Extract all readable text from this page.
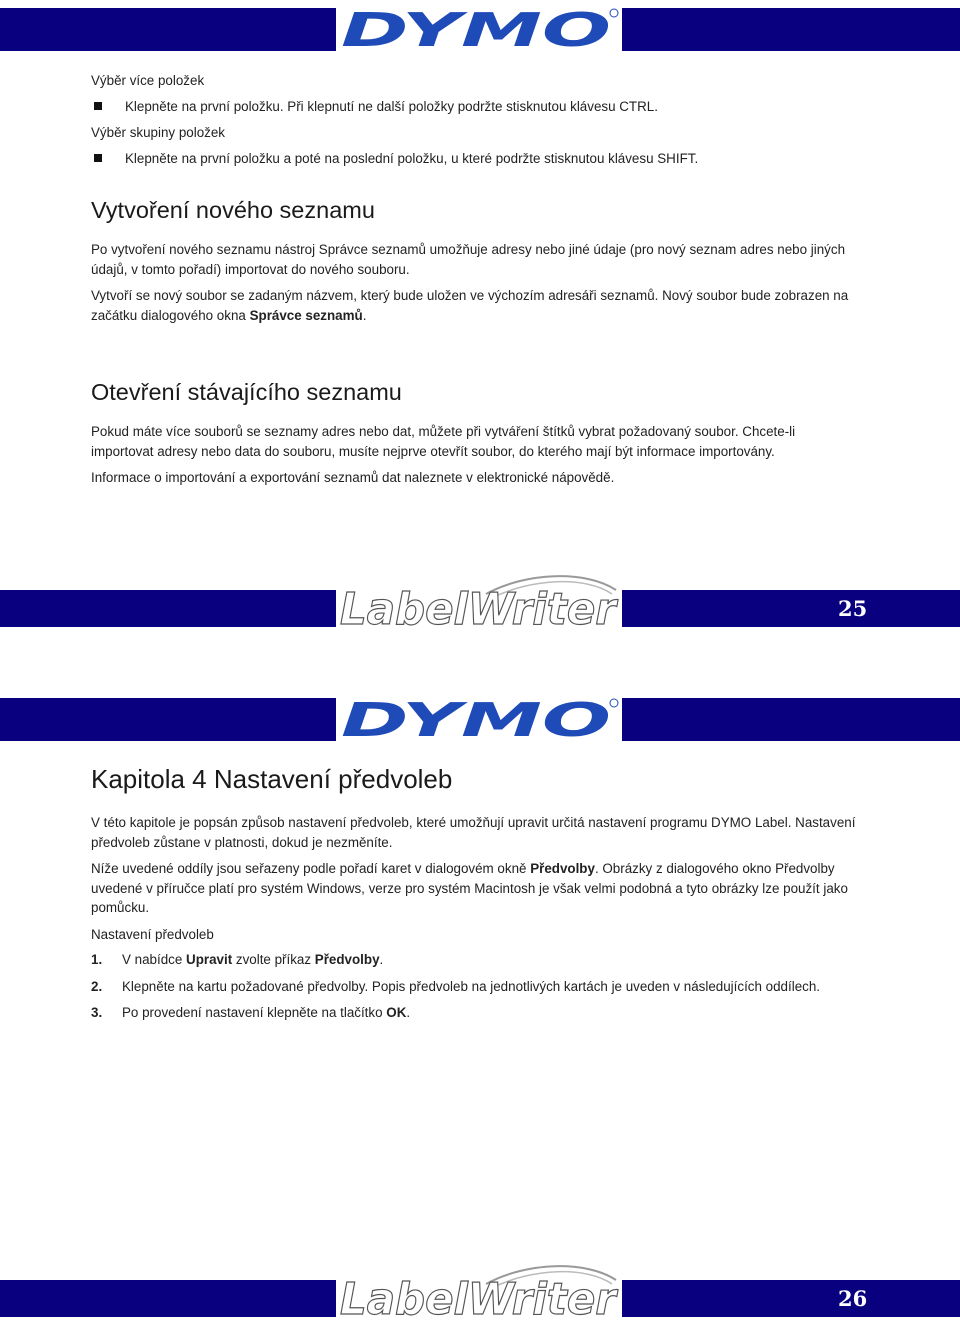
DYMO

Výběr více položek

Klepněte na první položku. Při klepnutí ne další položky podržte stisknutou klávesu CTRL.

Výběr skupiny položek

Klepněte na první položku a poté na poslední položku, u které podržte stisknutou klávesu SHIFT.
Vytvoření nového seznamu

Po vytvoření nového seznamu nástroj Správce seznamů umožňuje adresy nebo jiné údaje (pro nový seznam adres nebo jiných údajů, v tomto pořadí) importovat do nového souboru.

Vytvoří se nový soubor se zadaným názvem, který bude uložen ve výchozím adresáři seznamů. Nový soubor bude zobrazen na začátku dialogového okna Správce seznamů.

Otevření stávajícího seznamu

Pokud máte více souborů se seznamy adres nebo dat, můžete při vytváření štítků vybrat požadovaný soubor. Chcete-li importovat adresy nebo data do souboru, musíte nejprve otevřít soubor, do kterého mají být informace importovány.

Informace o importování a exportování seznamů dat naleznete v elektronické nápovědě.

LabelWriter	25
DYMO
Kapitola 4 Nastavení předvoleb

V této kapitole je popsán způsob nastavení předvoleb, které umožňují upravit určitá nastavení programu DYMO Label. Nastavení předvoleb zůstane v platnosti, dokud je nezměníte.

Níže uvedené oddíly jsou seřazeny podle pořadí karet v dialogovém okně Předvolby. Obrázky z dialogového okno Předvolby uvedené v příručce platí pro systém Windows, verze pro systém Macintosh je však velmi podobná a tyto obrázky lze použít jako pomůcku.

Nastavení předvoleb

1.	V nabídce Upravit zvolte příkaz Předvolby.
2.	Klepněte na kartu požadované předvolby. Popis předvoleb na jednotlivých kartách je uveden v následujících oddílech.
3.	Po provedení nastavení klepněte na tlačítko OK.
LabelWriter	26
